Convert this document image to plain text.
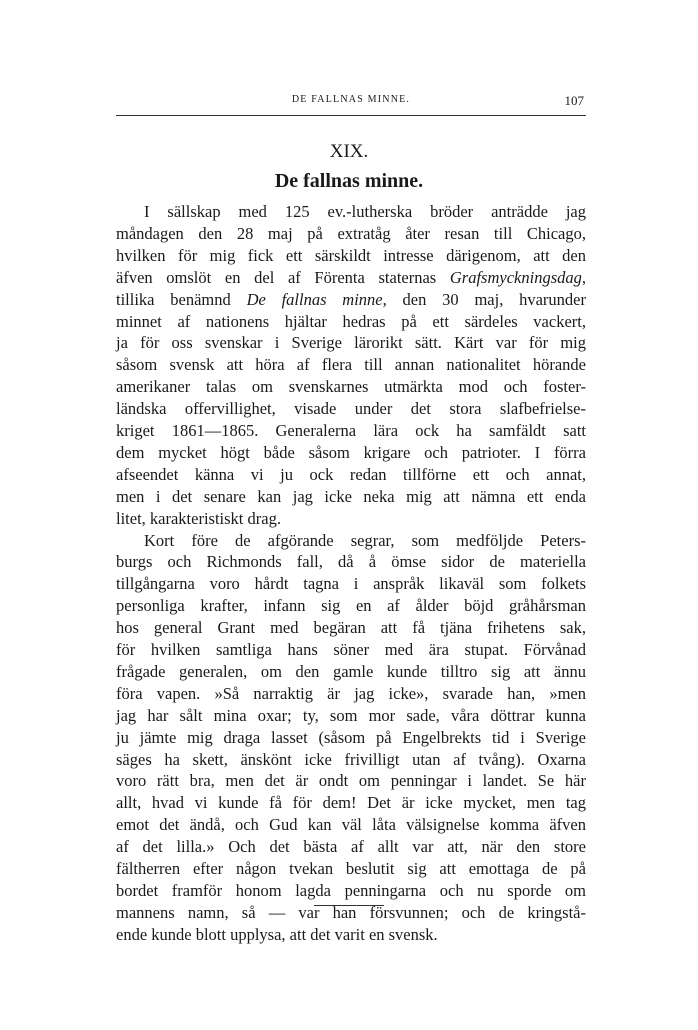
DE FALLNAS MINNE.	107
XIX.
De fallnas minne.
I sällskap med 125 ev.-lutherska bröder anträdde jag
måndagen den 28 maj på extratåg åter resan till Chicago,
hvilken för mig fick ett särskildt intresse därigenom, att den
äfven omslöt en del af Förenta staternas Grafsmyckningsdag,
tillika benämnd De fallnas minne, den 30 maj, hvarunder
minnet af nationens hjältar hedras på ett särdeles vackert,
ja för oss svenskar i Sverige lärorikt sätt. Kärt var för mig
såsom svensk att höra af flera till annan nationalitet hörande
amerikaner talas om svenskarnes utmärkta mod och foster-
ländska offervillighet, visade under det stora slafbefrielse-
kriget 1861—1865. Generalerna lära ock ha samfäldt satt
dem mycket högt både såsom krigare och patrioter. I förra
afseendet känna vi ju ock redan tillförne ett och annat,
men i det senare kan jag icke neka mig att nämna ett enda
litet, karakteristiskt drag.
Kort före de afgörande segrar, som medföljde Peters-
burgs och Richmonds fall, då å ömse sidor de materiella
tillgångarna voro hårdt tagna i anspråk likaväl som folkets
personliga krafter, infann sig en af ålder böjd gråhårsman
hos general Grant med begäran att få tjäna frihetens sak,
för hvilken samtliga hans söner med ära stupat. Förvånad
frågade generalen, om den gamle kunde tilltro sig att ännu
föra vapen. »Så narraktig är jag icke», svarade han, »men
jag har sålt mina oxar; ty, som mor sade, våra döttrar kunna
ju jämte mig draga lasset (såsom på Engelbrekts tid i Sverige
säges ha skett, änskönt icke frivilligt utan af tvång). Oxarna
voro rätt bra, men det är ondt om penningar i landet. Se här
allt, hvad vi kunde få för dem! Det är icke mycket, men tag
emot det ändå, och Gud kan väl låta välsignelse komma äfven
af det lilla.» Och det bästa af allt var att, när den store
fältherren efter någon tvekan beslutit sig att emottaga de på
bordet framför honom lagda penningarna och nu sporde om
mannens namn, så — var han försvunnen; och de kringstå-
ende kunde blott upplysa, att det varit en svensk.
